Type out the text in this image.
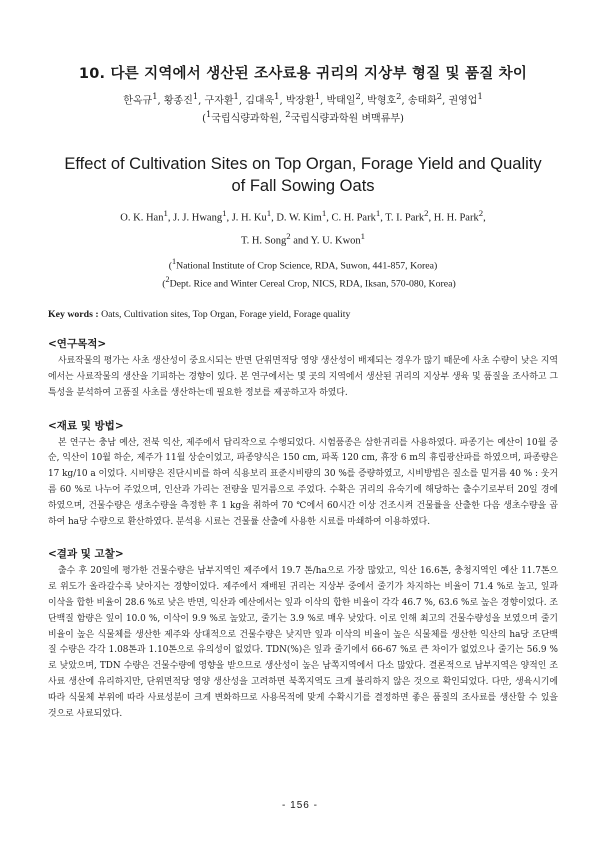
10. 다른 지역에서 생산된 조사료용 귀리의 지상부 형질 및 품질 차이
한옥규$^1$, 황종진$^1$, 구자환$^1$, 김대욱$^1$, 박장환$^1$, 박태일$^2$, 박형호$^2$, 송태화$^2$, 권영업$^1$
($^1$국립식량과학원, $^2$국립식량과학원 벼맥류부)
Effect of Cultivation Sites on Top Organ, Forage Yield and Quality
of Fall Sowing Oats
O. K. Han$^1$, J. J. Hwang$^1$, J. H. Ku$^1$, D. W. Kim$^1$, C. H. Park$^1$, T. I. Park$^2$, H. H. Park$^2$,
T. H. Song$^2$ and Y. U. Kwon$^1$
($^1$National Institute of Crop Science, RDA, Suwon, 441-857, Korea)
($^2$Dept. Rice and Winter Cereal Crop, NICS, RDA, Iksan, 570-080, Korea)
Key words : Oats, Cultivation sites, Top Organ, Forage yield, Forage quality
<연구목적>

사료작물의 평가는 사초 생산성이 중요시되는 반면 단위면적당 영양 생산성이 배제되는 경우가 많기 때문에 사초 수량이 낮은 지역에서는 사료작물의 생산을 기피하는 경향이 있다. 본 연구에서는 몇 곳의 지역에서 생산된 귀리의 지상부 생육 및 품질을 조사하고 그 특성을 분석하여 고품질 사초를 생산하는데 필요한 정보를 제공하고자 하였다.

<재료 및 방법>

본 연구는 충남 예산, 전북 익산, 제주에서 답리작으로 수행되었다. 시험품종은 삼한귀리를 사용하였다. 파종기는 예산이 10월 중순, 익산이 10월 하순, 제주가 11월 상순이었고, 파종양식은 150 cm, 파폭 120 cm, 휴장 6 m의 휴립광산파를 하였으며, 파종량은 17 kg/10 a 이었다. 시비량은 진단시비를 하여 식용보리 표준시비량의 30 %를 증량하였고, 시비방법은 질소를 밑거름 40 % : 웃거름 60 %로 나누어 주었으며, 인산과 가리는 전량을 밑거름으로 주었다. 수확은 귀리의 유숙기에 해당하는 출수기로부터 20일 경에 하였으며, 건물수량은 생초수량을 측정한 후 1 kg을 취하여 70 ℃에서 60시간 이상 건조시켜 건물률을 산출한 다음 생초수량을 곱하여 ha당 수량으로 환산하였다. 분석용 시료는 건물률 산출에 사용한 시료를 마쇄하여 이용하였다.

<결과 및 고찰>

출수 후 20일에 평가한 건물수량은 남부지역인 제주에서 19.7 톤/ha으로 가장 많았고, 익산 16.6톤, 충청지역인 예산 11.7톤으로 위도가 올라갈수록 낮아지는 경향이었다. 제주에서 재배된 귀리는 지상부 중에서 줄기가 차지하는 비율이 71.4 %로 높고, 잎과 이삭을 합한 비율이 28.6 %로 낮은 반면, 익산과 예산에서는 잎과 이삭의 합한 비율이 각각 46.7 %, 63.6 %로 높은 경향이었다. 조단백질 함량은 잎이 10.0 %, 이삭이 9.9 %로 높았고, 줄기는 3.9 %로 매우 낮았다. 이로 인해 최고의 건물수량성을 보였으며 줄기 비율이 높은 식물체를 생산한 제주와 상대적으로 건물수량은 낮지만 잎과 이삭의 비율이 높은 식물체를 생산한 익산의 ha당 조단백질 수량은 각각 1.08톤과 1.10톤으로 유의성이 없었다. TDN(%)은 잎과 줄기에서 66-67 %로 큰 차이가 없었으나 줄기는 56.9 %로 낮았으며, TDN 수량은 건물수량에 영향을 받으므로 생산성이 높은 남쪽지역에서 다소 많았다. 결론적으로 남부지역은 양적인 조사료 생산에 유리하지만, 단위면적당 영양 생산성을 고려하면 북쪽지역도 크게 불리하지 않은 것으로 확인되었다. 다만, 생육시기에 따라 식물체 부위에 따라 사료성분이 크게 변화하므로 사용목적에 맞게 수확시기를 결정하면 좋은 품질의 조사료를 생산할 수 있을 것으로 사료되었다.

- 156 -
